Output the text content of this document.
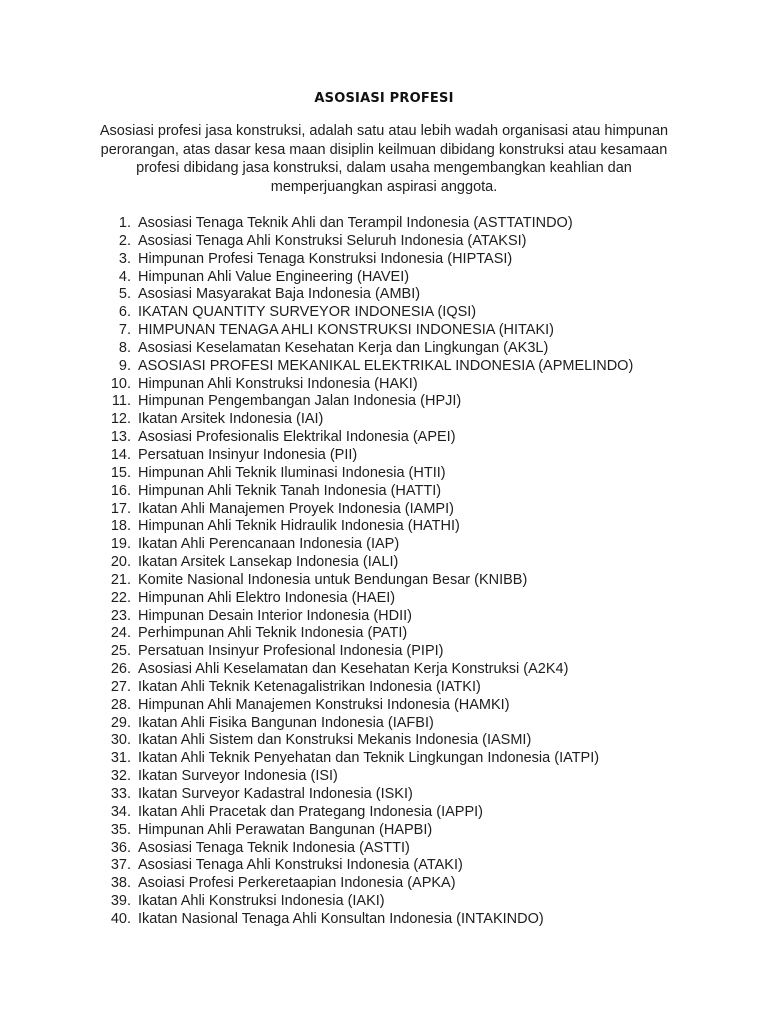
ASOSIASI PROFESI
Asosiasi profesi jasa konstruksi, adalah satu atau lebih wadah organisasi atau himpunan perorangan, atas dasar kesa maan disiplin keilmuan dibidang konstruksi atau kesamaan profesi dibidang jasa konstruksi, dalam usaha mengembangkan keahlian dan memperjuangkan aspirasi anggota.
1. Asosiasi Tenaga Teknik Ahli dan Terampil Indonesia (ASTTATINDO)
2. Asosiasi Tenaga Ahli Konstruksi Seluruh Indonesia (ATAKSI)
3. Himpunan Profesi Tenaga Konstruksi Indonesia (HIPTASI)
4. Himpunan Ahli Value Engineering (HAVEI)
5. Asosiasi Masyarakat Baja Indonesia (AMBI)
6. IKATAN QUANTITY SURVEYOR INDONESIA (IQSI)
7. HIMPUNAN TENAGA AHLI KONSTRUKSI INDONESIA (HITAKI)
8. Asosiasi Keselamatan Kesehatan Kerja dan Lingkungan (AK3L)
9. ASOSIASI PROFESI MEKANIKAL ELEKTRIKAL INDONESIA (APMELINDO)
10. Himpunan Ahli Konstruksi Indonesia (HAKI)
11. Himpunan Pengembangan Jalan Indonesia (HPJI)
12. Ikatan Arsitek Indonesia (IAI)
13. Asosiasi Profesionalis Elektrikal Indonesia (APEI)
14. Persatuan Insinyur Indonesia (PII)
15. Himpunan Ahli Teknik Iluminasi Indonesia (HTII)
16. Himpunan Ahli Teknik Tanah Indonesia (HATTI)
17. Ikatan Ahli Manajemen Proyek Indonesia (IAMPI)
18. Himpunan Ahli Teknik Hidraulik Indonesia (HATHI)
19. Ikatan Ahli Perencanaan Indonesia (IAP)
20. Ikatan Arsitek Lansekap Indonesia (IALI)
21. Komite Nasional Indonesia untuk Bendungan Besar (KNIBB)
22. Himpunan Ahli Elektro Indonesia (HAEI)
23. Himpunan Desain Interior Indonesia (HDII)
24. Perhimpunan Ahli Teknik Indonesia (PATI)
25. Persatuan Insinyur Profesional Indonesia (PIPI)
26. Asosiasi Ahli Keselamatan dan Kesehatan Kerja Konstruksi (A2K4)
27. Ikatan Ahli Teknik Ketenagalistrikan Indonesia (IATKI)
28. Himpunan Ahli Manajemen Konstruksi Indonesia (HAMKI)
29. Ikatan Ahli Fisika Bangunan Indonesia (IAFBI)
30. Ikatan Ahli Sistem dan Konstruksi Mekanis Indonesia (IASMI)
31. Ikatan Ahli Teknik Penyehatan dan Teknik Lingkungan Indonesia (IATPI)
32. Ikatan Surveyor Indonesia (ISI)
33. Ikatan Surveyor Kadastral Indonesia (ISKI)
34. Ikatan Ahli Pracetak dan Prategang Indonesia (IAPPI)
35. Himpunan Ahli Perawatan Bangunan (HAPBI)
36. Asosiasi Tenaga Teknik Indonesia (ASTTI)
37. Asosiasi Tenaga Ahli Konstruksi Indonesia (ATAKI)
38. Asoiasi Profesi Perkeretaapian Indonesia (APKA)
39. Ikatan Ahli Konstruksi Indonesia (IAKI)
40. Ikatan Nasional Tenaga Ahli Konsultan Indonesia (INTAKINDO)
